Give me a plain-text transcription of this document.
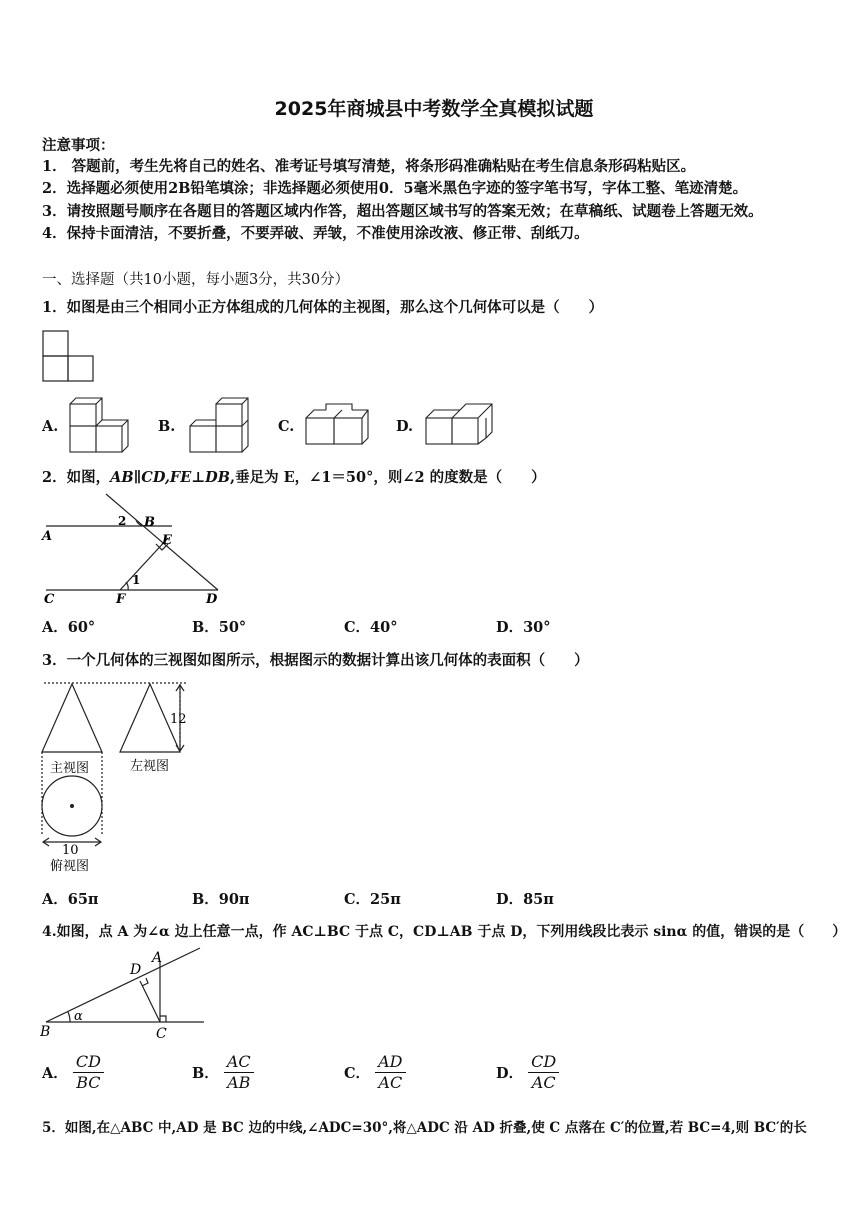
2025年商城县中考数学全真模拟试题
注意事项：
1． 答题前，考生先将自己的姓名、准考证号填写清楚，将条形码准确粘贴在考生信息条形码粘贴区。
2．选择题必须使用2B铅笔填涂；非选择题必须使用0．5毫米黑色字迹的签字笔书写，字体工整、笔迹清楚。
3．请按照题号顺序在各题目的答题区域内作答，超出答题区域书写的答案无效；在草稿纸、试题卷上答题无效。
4．保持卡面清洁，不要折叠，不要弄破、弄皱，不准使用涂改液、修正带、刮纸刀。
一、选择题（共10小题，每小题3分，共30分）
1．如图是由三个相同小正方体组成的几何体的主视图，那么这个几何体可以是（　　）
A.	B.	C.	D.
2．如图，AB∥CD,FE⊥DB,垂足为 E，∠1＝50°，则∠2 的度数是（　　）
A
B
E
C	F	D
1
2
A．60°	B．50°	C．40°	D．30°
3．一个几何体的三视图如图所示，根据图示的数据计算出该几何体的表面积（　　）
12
10
主视图	左视图
俯视图
A．65π	B．90π	C．25π	D．85π
4.如图，点 A 为∠α 边上任意一点，作 AC⊥BC 于点 C，CD⊥AB 于点 D，下列用线段比表示 sinα 的值，错误的是（　　）
B	C
D
A
α
A． $\frac{CD}{BC}$	B． $\frac{AC}{AB}$	C． $\frac{AD}{AC}$	D． $\frac{CD}{AC}$
5．如图,在△ABC 中,AD 是 BC 边的中线,∠ADC=30°,将△ADC 沿 AD 折叠,使 C 点落在 C′的位置,若 BC=4,则 BC′的长
